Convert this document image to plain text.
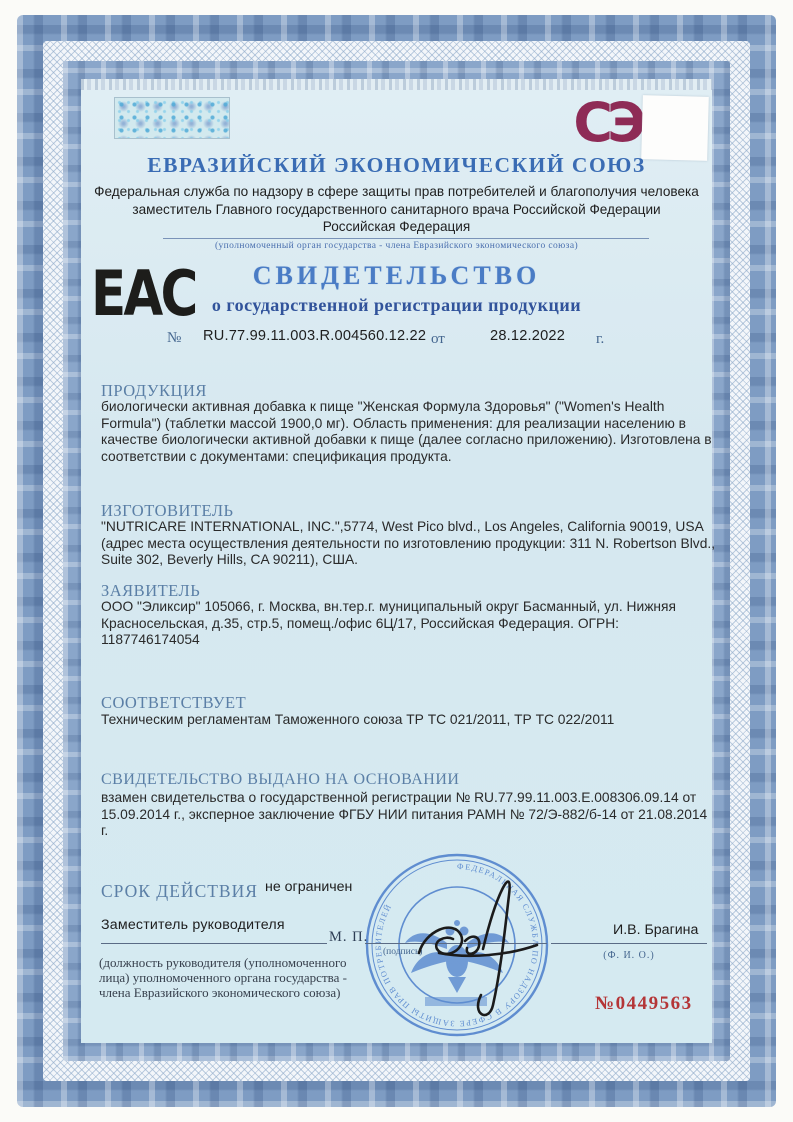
СЭ
ЕВРАЗИЙСКИЙ ЭКОНОМИЧЕСКИЙ СОЮЗ
Федеральная служба по надзору в сфере защиты прав потребителей и благополучия человека
заместитель Главного государственного санитарного врача Российской Федерации
Российская Федерация
(уполномоченный орган государства - члена Евразийского экономического союза)
ЕАС	СВИДЕТЕЛЬСТВО
о государственной регистрации продукции
№ RU.77.99.11.003.R.004560.12.22 от	28.12.2022 г.
ПРОДУКЦИЯ
биологически активная добавка к пище "Женская Формула Здоровья" ("Women's Health Formula") (таблетки массой 1900,0 мг). Область применения: для реализации населению в качестве биологически активной добавки к пище (далее согласно приложению). Изготовлена в соответствии с документами: спецификация продукта.
ИЗГОТОВИТЕЛЬ
"NUTRICARE INTERNATIONAL, INC.",5774, West Pico blvd., Los Angeles, California 90019, USA (адрес места осуществления деятельности по изготовлению продукции: 311 N. Robertson Blvd., Suite 302, Beverly Hills, CA 90211), США.
ЗАЯВИТЕЛЬ
ООО "Эликсир" 105066, г. Москва, вн.тер.г. муниципальный округ Басманный, ул. Нижняя Красносельская, д.35, стр.5, помещ./офис 6Ц/17, Российская Федерация. ОГРН: 1187746174054
СООТВЕТСТВУЕТ
Техническим регламентам Таможенного союза ТР ТС 021/2011, ТР ТС 022/2011
СВИДЕТЕЛЬСТВО ВЫДАНО НА ОСНОВАНИИ
взамен свидетельства о государственной регистрации № RU.77.99.11.003.E.008306.09.14 от 15.09.2014 г., эксперное заключение ФГБУ НИИ питания РАМН № 72/Э-882/б-14 от 21.08.2014 г.
СРОК ДЕЙСТВИЯ не ограничен
Заместитель руководителя
М. П.
(подпись)
И.В. Брагина
(Ф. И. О.)
(должность руководителя (уполномоченного лица) уполномоченного органа государства - члена Евразийского экономического союза)
ФЕДЕРАЛЬНАЯ СЛУЖБА ПО НАДЗОРУ В СФЕРЕ ЗАЩИТЫ ПРАВ ПОТРЕБИТЕЛЕЙ
№0449563
